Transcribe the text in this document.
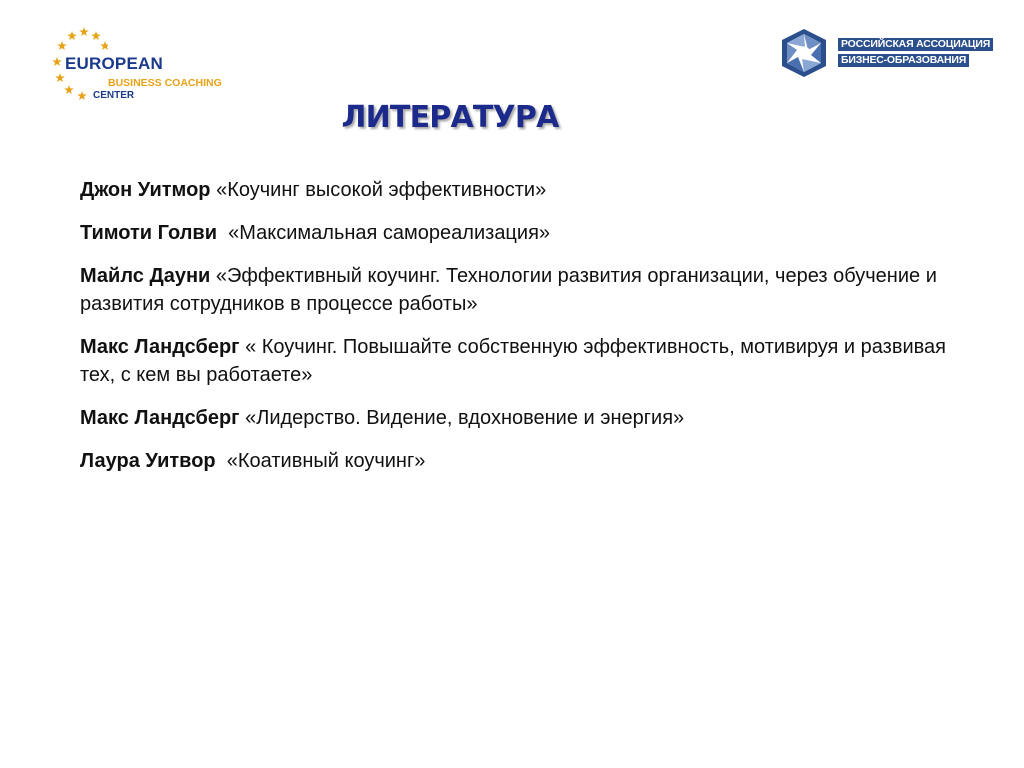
EUROPEAN
BUSINESS COACHING
CENTER
РОССИЙСКАЯ АССОЦИАЦИЯ
БИЗНЕС-ОБРАЗОВАНИЯ
ЛИТЕРАТУРА
Джон Уитмор «Коучинг высокой эффективности»
Тимоти Голви «Максимальная самореализация»
Майлс Дауни «Эффективный коучинг. Технологии развития организации, через обучение и развития сотрудников в процессе работы»
Макс Ландсберг « Коучинг. Повышайте собственную эффективность, мотивируя и развивая тех, с кем вы работаете»
Макс Ландсберг «Лидерство. Видение, вдохновение и энергия»
Лаура Уитвор «Коативный коучинг»
